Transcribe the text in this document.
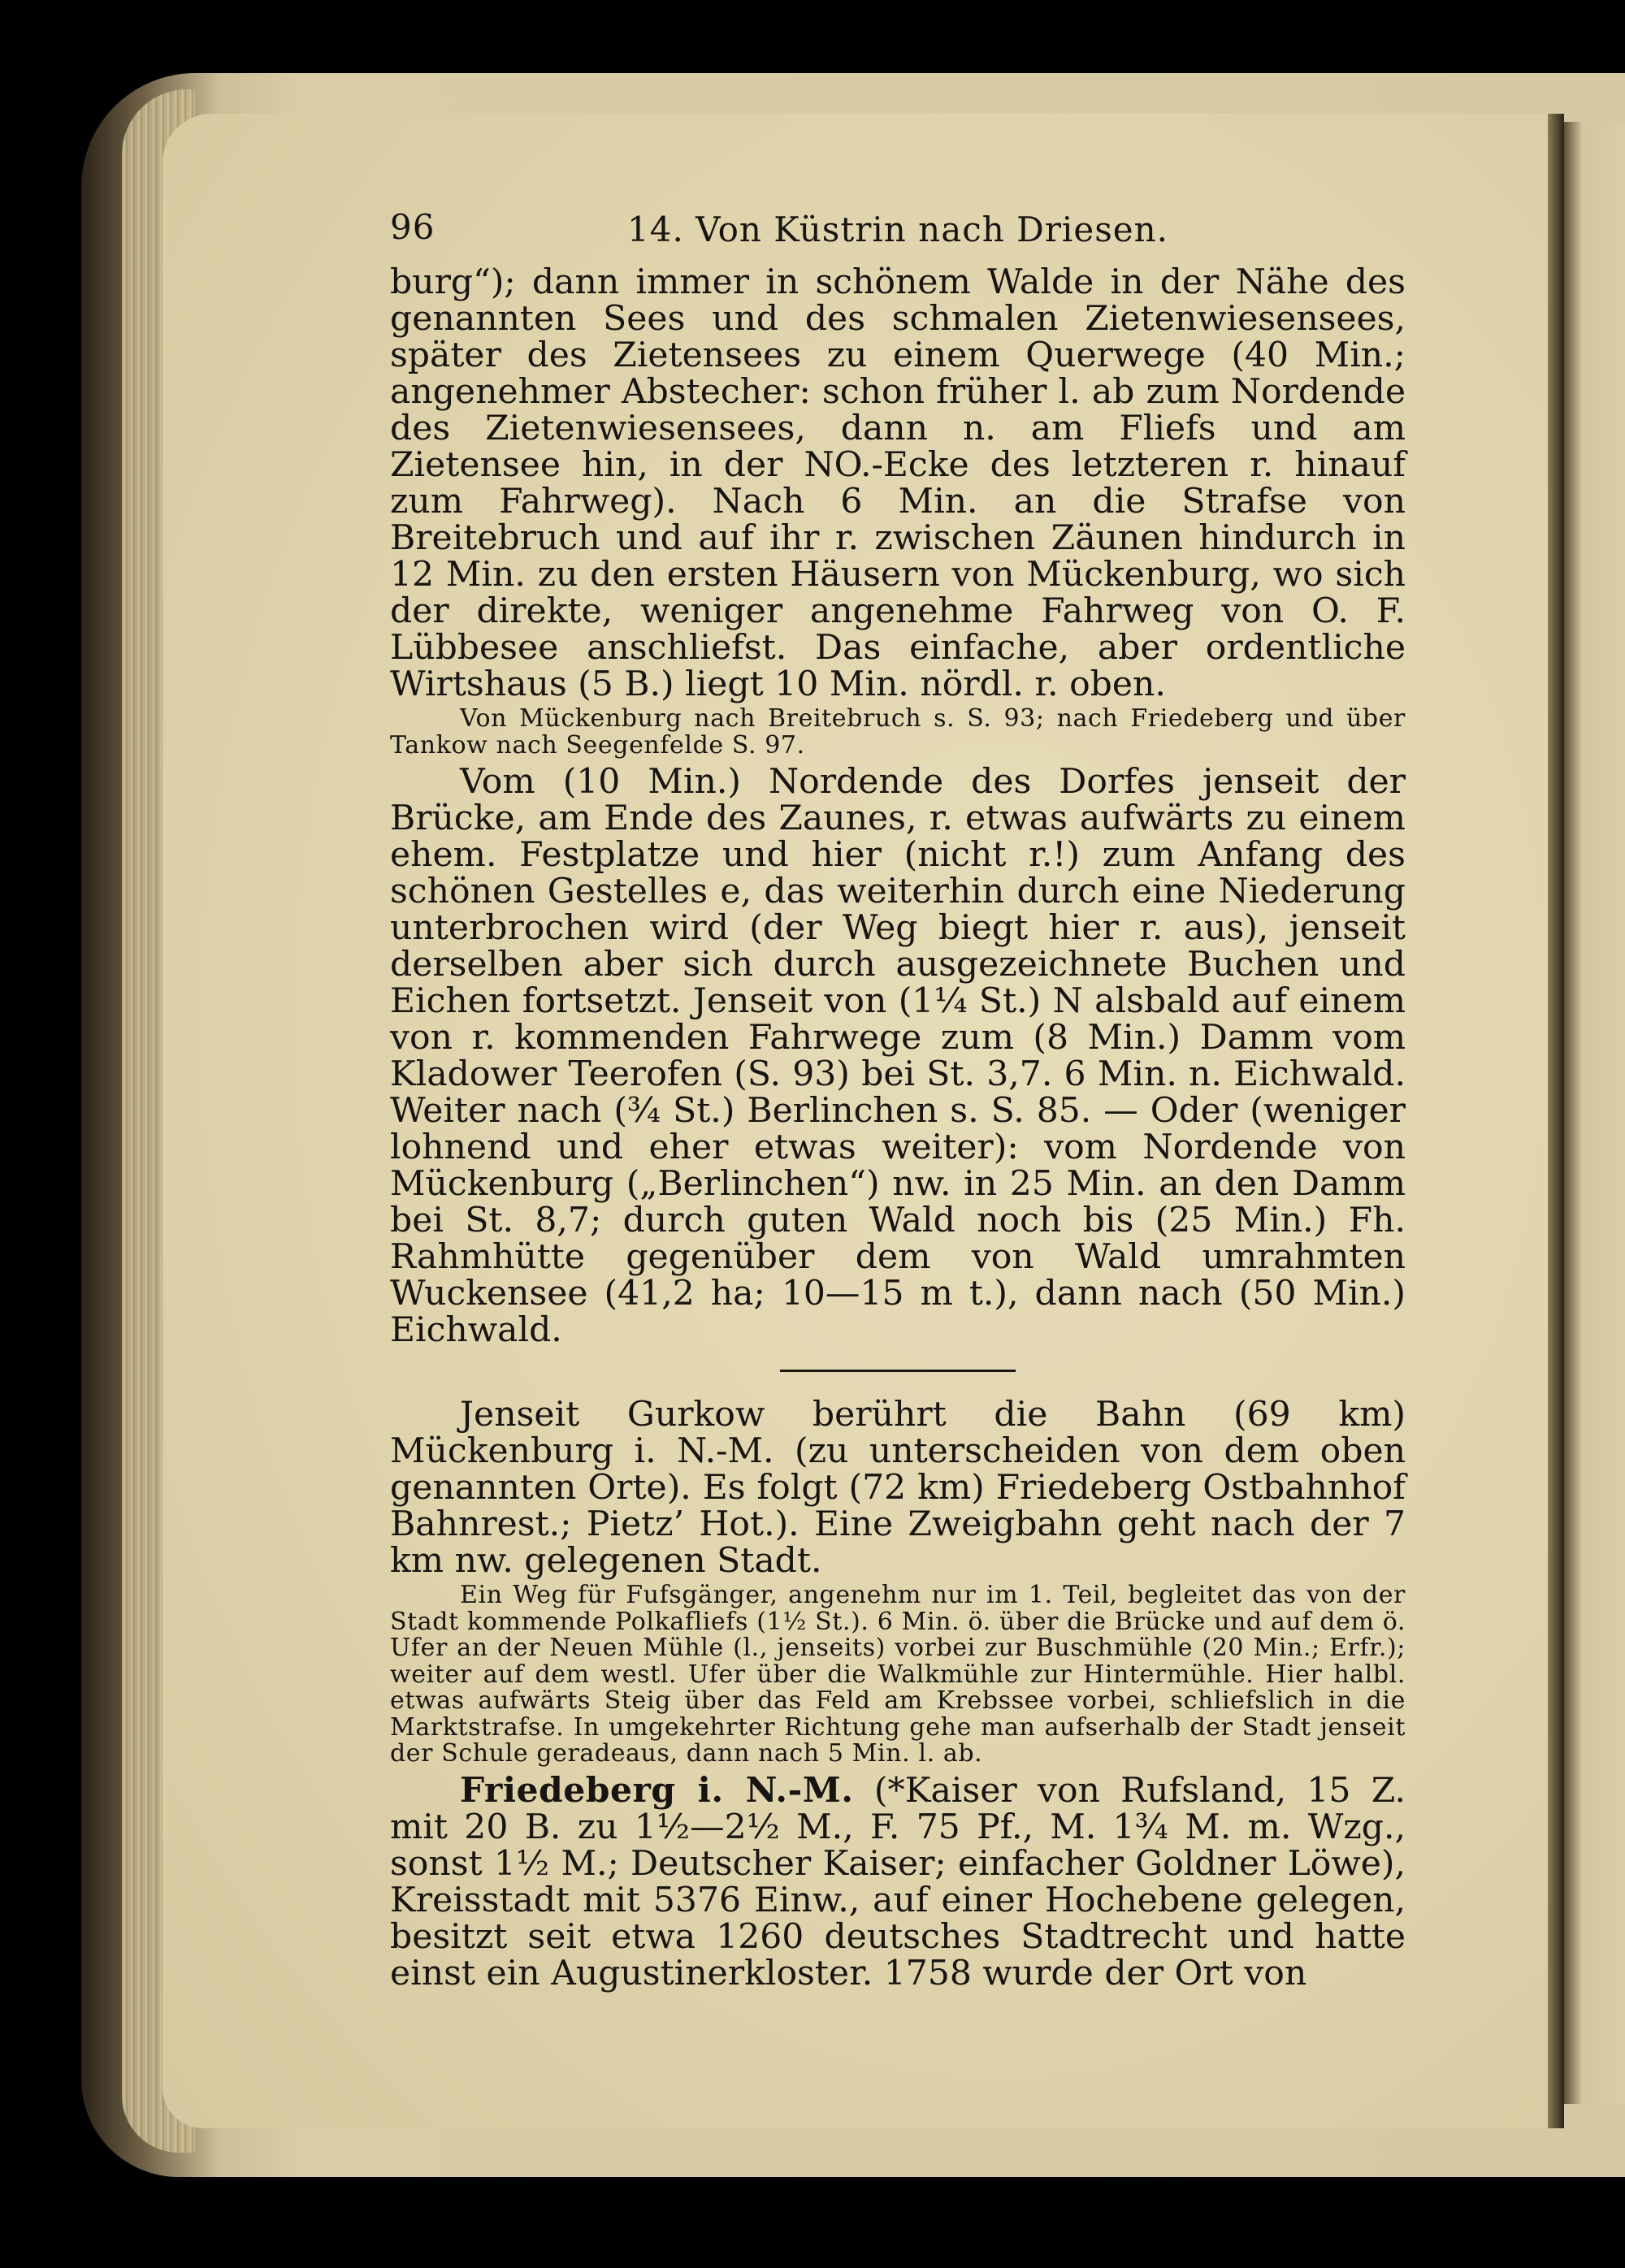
96	14. Von Küstrin nach Driesen.

burg“); dann immer in schönem Walde in der Nähe des genannten Sees und des schmalen Zietenwiesensees, später des Zietensees zu einem Querwege (40 Min.; angenehmer Abstecher: schon früher l. ab zum Nordende des Zietenwiesensees, dann n. am Fliefs und am Zietensee hin, in der NO.-Ecke des letzteren r. hinauf zum Fahrweg). Nach 6 Min. an die Strafse von Breitebruch und auf ihr r. zwischen Zäunen hindurch in 12 Min. zu den ersten Häusern von Mückenburg, wo sich der direkte, weniger angenehme Fahrweg von O. F. Lübbesee anschliefst. Das einfache, aber ordentliche Wirtshaus (5 B.) liegt 10 Min. nördl. r. oben.

Von Mückenburg nach Breitebruch s. S. 93; nach Friedeberg und über Tankow nach Seegenfelde S. 97.

Vom (10 Min.) Nordende des Dorfes jenseit der Brücke, am Ende des Zaunes, r. etwas aufwärts zu einem ehem. Festplatze und hier (nicht r.!) zum Anfang des schönen Gestelles e, das weiterhin durch eine Niederung unterbrochen wird (der Weg biegt hier r. aus), jenseit derselben aber sich durch ausgezeichnete Buchen und Eichen fortsetzt. Jenseit von (1¼ St.) N alsbald auf einem von r. kommenden Fahrwege zum (8 Min.) Damm vom Kladower Teerofen (S. 93) bei St. 3,7. 6 Min. n. Eichwald. Weiter nach (¾ St.) Berlinchen s. S. 85. — Oder (weniger lohnend und eher etwas weiter): vom Nordende von Mückenburg („Berlinchen“) nw. in 25 Min. an den Damm bei St. 8,7; durch guten Wald noch bis (25 Min.) Fh. Rahmhütte gegenüber dem von Wald umrahmten Wuckensee (41,2 ha; 10—15 m t.), dann nach (50 Min.) Eichwald.

Jenseit Gurkow berührt die Bahn (69 km) Mückenburg i. N.-M. (zu unterscheiden von dem oben genannten Orte). Es folgt (72 km) Friedeberg Ostbahnhof Bahnrest.; Pietz’ Hot.). Eine Zweigbahn geht nach der 7 km nw. gelegenen Stadt.

Ein Weg für Fufsgänger, angenehm nur im 1. Teil, begleitet das von der Stadt kommende Polkafliefs (1½ St.). 6 Min. ö. über die Brücke und auf dem ö. Ufer an der Neuen Mühle (l., jenseits) vorbei zur Buschmühle (20 Min.; Erfr.); weiter auf dem westl. Ufer über die Walkmühle zur Hintermühle. Hier halbl. etwas aufwärts Steig über das Feld am Krebssee vorbei, schliefslich in die Marktstrafse. In umgekehrter Richtung gehe man aufserhalb der Stadt jenseit der Schule geradeaus, dann nach 5 Min. l. ab.

Friedeberg i. N.-M. (*Kaiser von Rufsland, 15 Z. mit 20 B. zu 1½—2½ M., F. 75 Pf., M. 1¾ M. m. Wzg., sonst 1½ M.; Deutscher Kaiser; einfacher Goldner Löwe), Kreisstadt mit 5376 Einw., auf einer Hochebene gelegen, besitzt seit etwa 1260 deutsches Stadtrecht und hatte einst ein Augustinerkloster. 1758 wurde der Ort von
